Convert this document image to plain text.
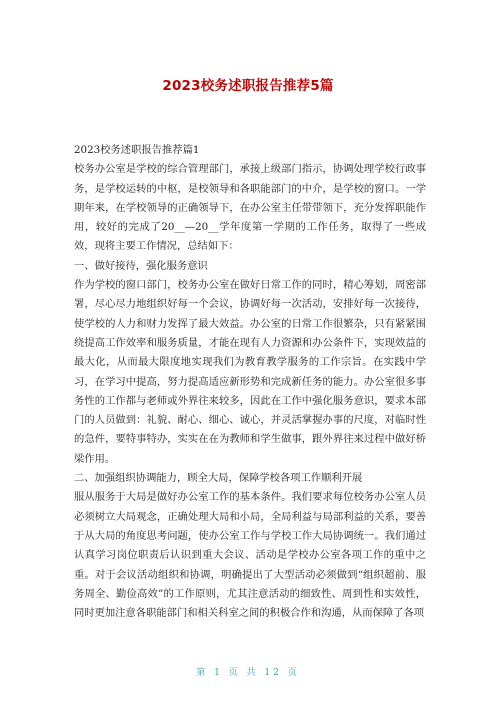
2023校务述职报告推荐5篇

2023校务述职报告推荐篇1

校务办公室是学校的综合管理部门，承接上级部门指示，协调处理学校行政事务，是学校运转的中枢，是校领导和各职能部门的中介，是学校的窗口。一学期年来，在学校领导的正确领导下，在办公室主任带带领下，充分发挥职能作用，较好的完成了20__—20__学年度第一学期的工作任务，取得了一些成效，现将主要工作情况，总结如下：

一、做好接待，强化服务意识

作为学校的窗口部门，校务办公室在做好日常工作的同时，精心筹划，周密部署，尽心尽力地组织好每一个会议，协调好每一次活动，安排好每一次接待，使学校的人力和财力发挥了最大效益。办公室的日常工作很繁杂，只有紧紧围绕提高工作效率和服务质量，才能在现有人力资源和办公条件下，实现效益的最大化，从而最大限度地实现我们为教育教学服务的工作宗旨。在实践中学习，在学习中提高，努力提高适应新形势和完成新任务的能力。办公室很多事务性的工作都与老师或外界往来较多，因此在工作中强化服务意识，要求本部门的人员做到：礼貌、耐心、细心、诚心，并灵活掌握办事的尺度，对临时性的急件，要特事特办，实实在在为教师和学生做事，跟外界往来过程中做好桥梁作用。

二、加强组织协调能力，顾全大局，保障学校各项工作顺利开展

服从服务于大局是做好办公室工作的基本条件。我们要求每位校务办公室人员必须树立大局观念，正确处理大局和小局，全局利益与局部利益的关系，要善于从大局的角度思考问题，使办公室工作与学校工作大局协调统一。我们通过认真学习岗位职责后认识到重大会议、活动是学校办公室各项工作的重中之重。对于会议活动组织和协调，明确提出了大型活动必须做到“组织超前、服务周全、勤俭高效”的工作原则，尤其注意活动的细致性、周到性和实效性，同时更加注意各职能部门和相关科室之间的积极合作和沟通，从而保障了各项

第 1 页 共 12 页
